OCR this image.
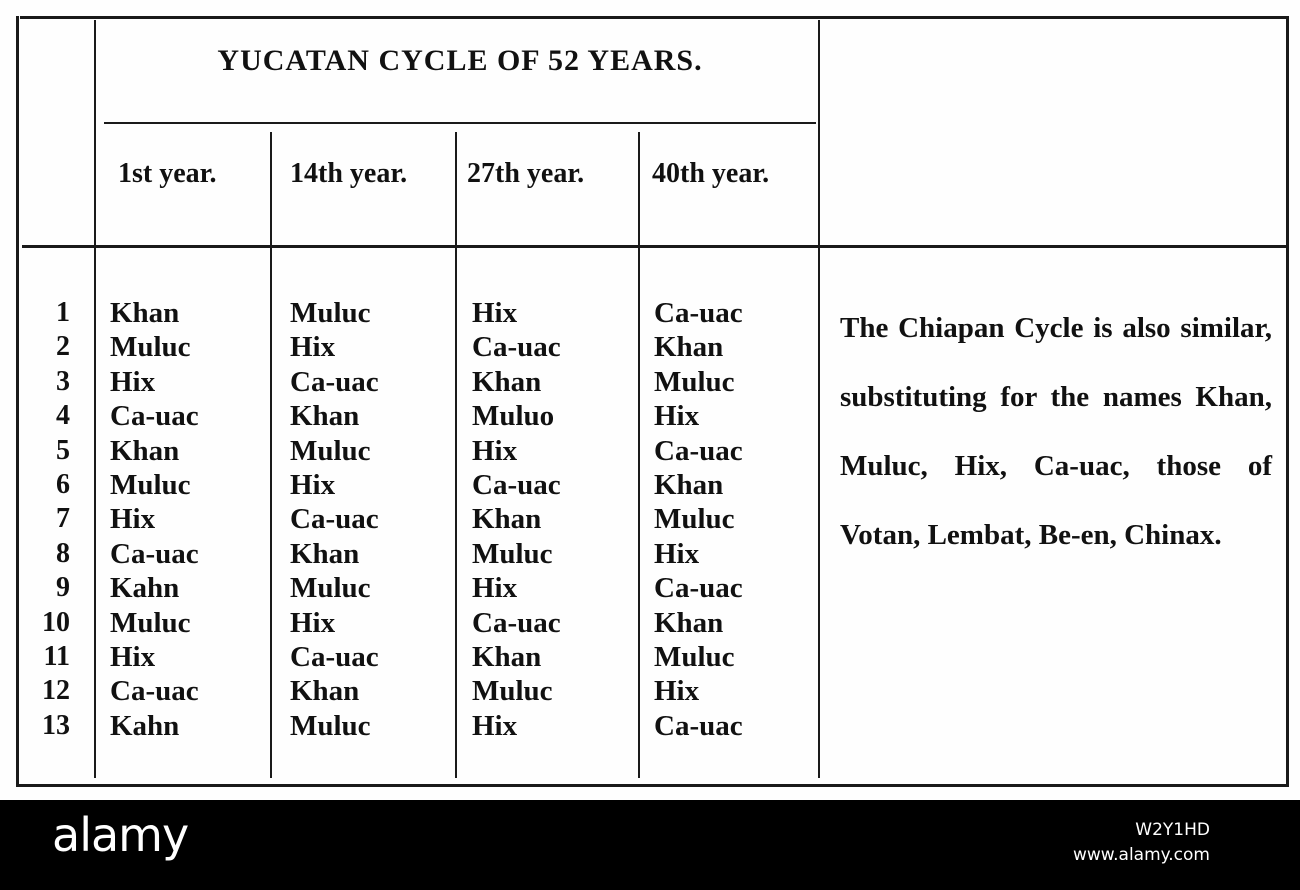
YUCATAN CYCLE OF 52 YEARS.
1st year.	14th year. 27th year. 40th year.
1 Khan	Muluc	Hix	Ca-uac
2 Muluc	Hix	Ca-uac	Khan
3 Hix	Ca-uac	Khan	Muluc
4 Ca-uac	Khan	Muluo	Hix
5 Khan	Muluc	Hix	Ca-uac
6 Muluc	Hix	Ca-uac	Khan
7 Hix	Ca-uac	Khan	Muluc
8 Ca-uac	Khan	Muluc	Hix
9 Kahn	Muluc	Hix	Ca-uac
10 Muluc	Hix	Ca-uac	Khan
11 Hix	Ca-uac	Khan	Muluc
12 Ca-uac	Khan	Muluc	Hix
13 Kahn	Muluc	Hix	Ca-uac
The Chiapan Cycle is also similar, substituting for the names Khan, Muluc, Hix, Ca-uac, those of Votan, Lembat, Be-en, Chinax.
alamy	W2Y1HD
www.alamy.com
